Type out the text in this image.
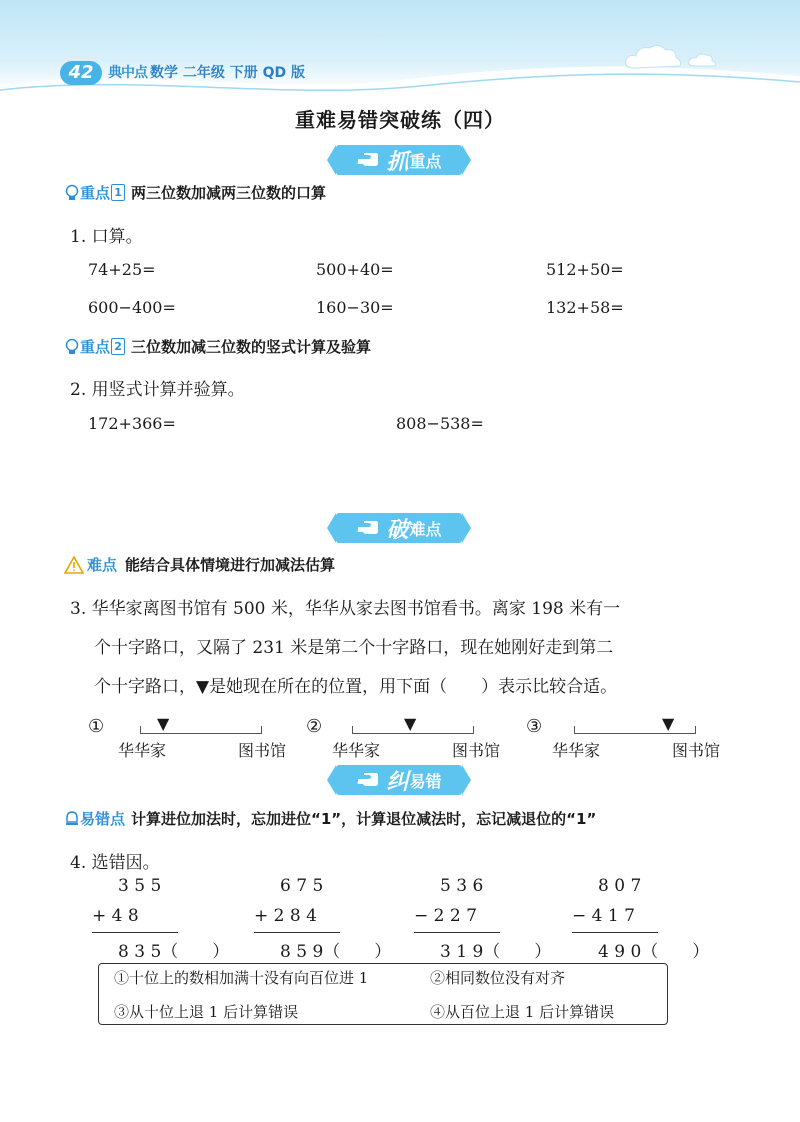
42	典中点 数学 二年级 下册 QD 版
重难易错突破练（四）
抓 重点
重点 1 两三位数加减两三位数的口算
1. 口算。
74+25=	500+40=	512+50=
600−400=	160−30=	132+58=
重点 2 三位数加减三位数的竖式计算及验算
2. 用竖式计算并验算。
172+366=	808−538=
破 难点
难点 能结合具体情境进行加减法估算
3. 华华家离图书馆有 500 米，华华从家去图书馆看书。离家 198 米有一
个十字路口，又隔了 231 米是第二个十字路口，现在她刚好走到第二
个十字路口，▼是她现在所在的位置，用下面（　　）表示比较合适。
①	▼
华华家	图书馆
②	▼
华华家	图书馆
③	▼
华华家	图书馆
纠 易错
易错点 计算进位加法时，忘加进位“1”，计算退位减法时，忘记减退位的“1”
4. 选错因。
3 5 5
+ 4 8
8 3 5（　　）
6 7 5
+ 2 8 4
8 5 9（　　）
5 3 6
− 2 2 7
3 1 9（　　）
8 0 7
− 4 1 7
4 9 0（　　）
①十位上的数相加满十没有向百位进 1	②相同数位没有对齐
③从十位上退 1 后计算错误	④从百位上退 1 后计算错误
